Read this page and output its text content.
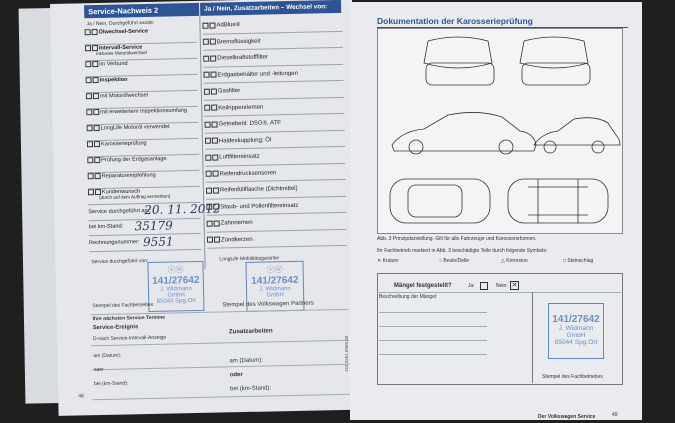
Service-Nachweis 2	Ja / Nein, Zusatzarbeiten – Wechsel von:
Ja / Nein, Durchgeführt wurde:
Service durchgeführt am:
20. 11. 2012
bei km-Stand: 35179
Rechnungsnummer: 9551
Service durchgeführt von:	LongLife Mobilitätsgarantie
ⓥⓦ
141/27642
J. Widmann
GmbH
85044 Spg.Ort
ⓥⓦ
141/27642
J. Widmann
GmbH
Stempel des Fachbetriebes	Stempel des Volkswagen Partners
Ihre nächsten Service-Termine
Service-Ereignis	Zusatzarbeiten
D-nach Service-Intervall-Anzeige
am (Datum):
am (Datum):
oder
oder
bei (km-Stand):
bei (km-Stand):
48
Ölwechsel-Service
Intervall-Service
inklusive Motorölwechsel
im Verbund
Inspektion
mit Motorölwechsel
mit erweitertem Inspektionsumfang
LongLife Motoröl verwendet
Karosserieprüfung
Prüfung der Erdgasanlage
Reparaturempfehlung
Kundenwunsch
(durch auf dem Auftrag vermerken)
AdBlue®
Bremsflüssigkeit
Dieselkraftstofffilter
Erdgasbehälter und -leitungen
Gasfilter
Keilrippenriemen
Getriebeöl: DSG®, ATF
Haldexkupplung: Öl
Luftfiltereinsatz
Reifendrucksensoren
Reifenfüllflasche (Dichtmittel)
Staub- und Pollenfiltereinsatz
Zahnriemen
Zündkerzen
152.5561.6068.00
Dokumentation der Karosserieprüfung
Abb. 3 Prinzipdarstellung. Gilt für alle Fahrzeuge und Karosserieformen.
Ihr Fachbetrieb markiert in Abb. 3 beschädigte Teile durch folgende Symbole:
Mängel festgestellt?	Ja:	Nein: ✕
Beschreibung der Mängel:
141/27642
J. Widmann
GmbH
85044 Spg.Ort
Stempel des Fachbetriebes
Der Volkswagen Service	49
✕ Kratzer	○ Beule/Delle	△ Korrosion	□ Steinschlag
